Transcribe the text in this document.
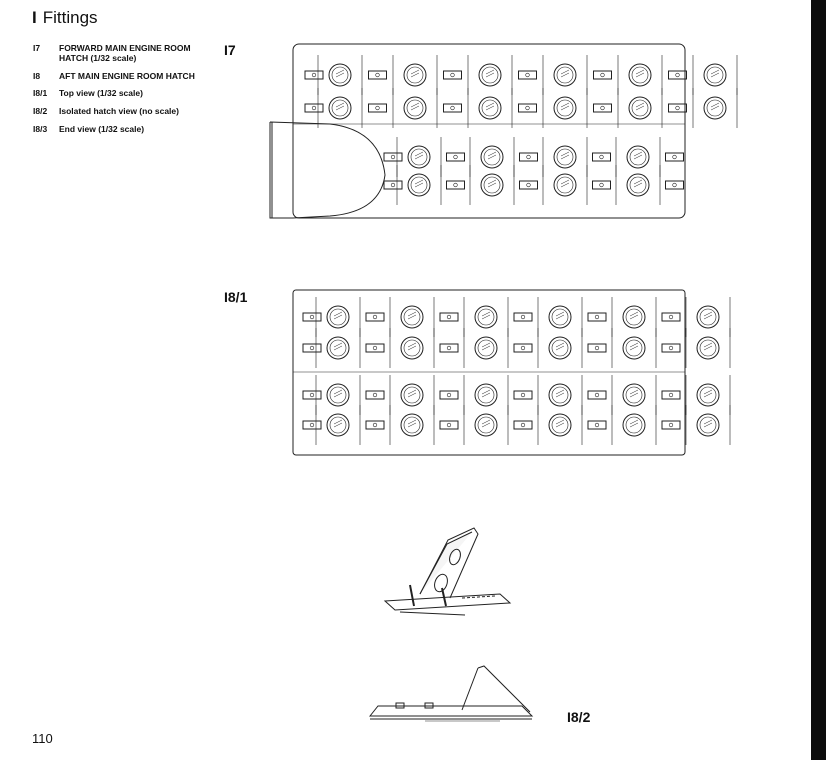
I Fittings
I7	FORWARD MAIN ENGINE ROOM HATCH (1/32 scale)
I8	AFT MAIN ENGINE ROOM HATCH
I8/1	Top view (1/32 scale)
I8/2	Isolated hatch view (no scale)
I8/3	End view (1/32 scale)
I7
I8/1
I8/2
110
